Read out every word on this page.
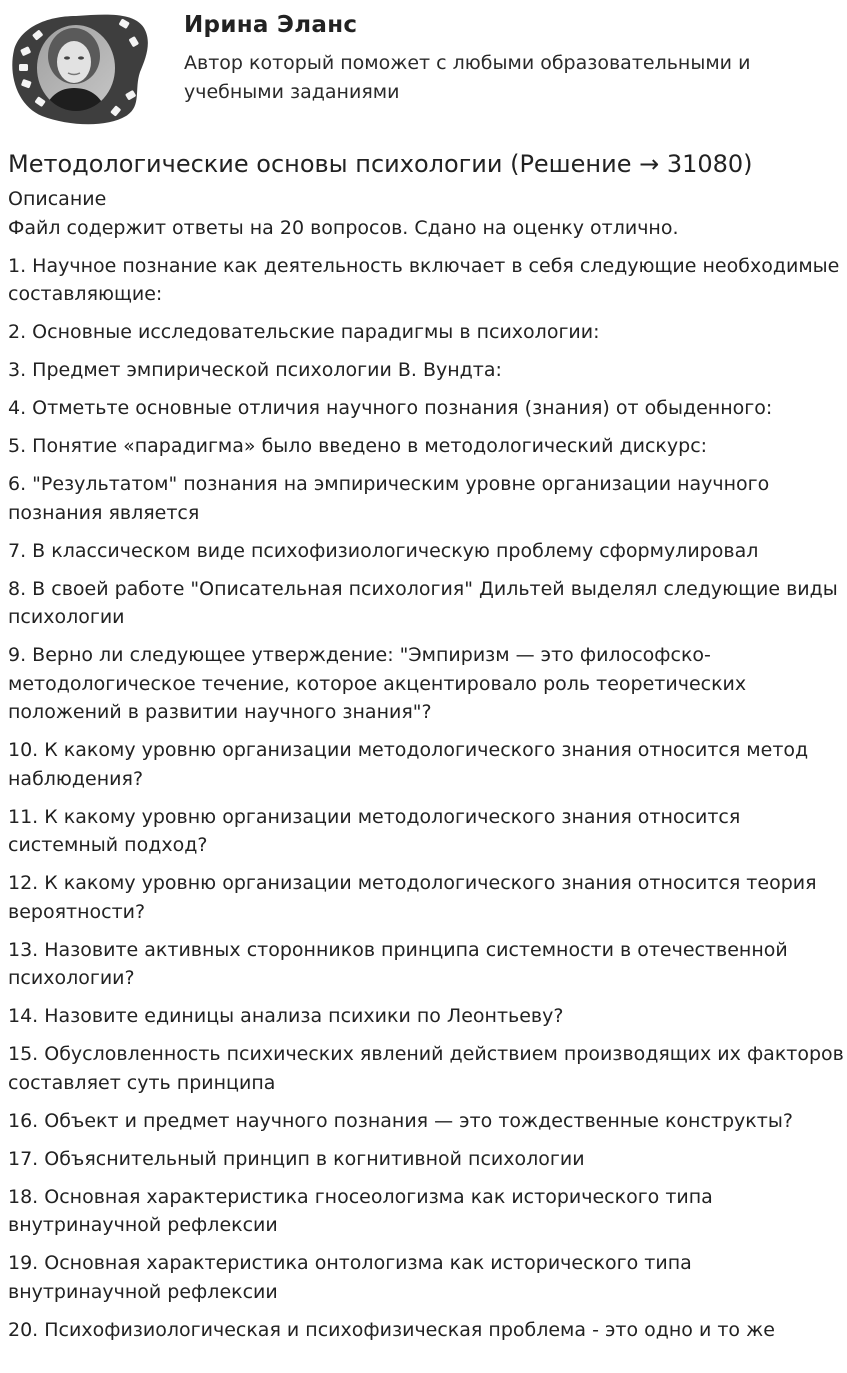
Ирина Эланс
Автор который поможет с любыми образовательными и учебными заданиями
Методологические основы психологии (Решение → 31080)
Описание

Файл содержит ответы на 20 вопросов. Сдано на оценку отлично.

1. Научное познание как деятельность включает в себя следующие необходимые составляющие:
2. Основные исследовательские парадигмы в психологии:
3. Предмет эмпирической психологии В. Вундта:
4. Отметьте основные отличия научного познания (знания) от обыденного:
5. Понятие «парадигма» было введено в методологический дискурс:
6. "Результатом" познания на эмпирическим уровне организации научного познания является
7. В классическом виде психофизиологическую проблему сформулировал
8. В своей работе "Описательная психология" Дильтей выделял следующие виды психологии
9. Верно ли следующее утверждение: "Эмпиризм — это философско-методологическое течение, которое акцентировало роль теоретических положений в развитии научного знания"?
10. К какому уровню организации методологического знания относится метод наблюдения?
11. К какому уровню организации методологического знания относится системный подход?
12. К какому уровню организации методологического знания относится теория вероятности?
13. Назовите активных сторонников принципа системности в отечественной психологии?
14. Назовите единицы анализа психики по Леонтьеву?
15. Обусловленность психических явлений действием производящих их факторов составляет суть принципа
16. Объект и предмет научного познания — это тождественные конструкты?
17. Объяснительный принцип в когнитивной психологии
18. Основная характеристика гносеологизма как исторического типа внутринаучной рефлексии
19. Основная характеристика онтологизма как исторического типа внутринаучной рефлексии
20. Психофизиологическая и психофизическая проблема - это одно и то же
